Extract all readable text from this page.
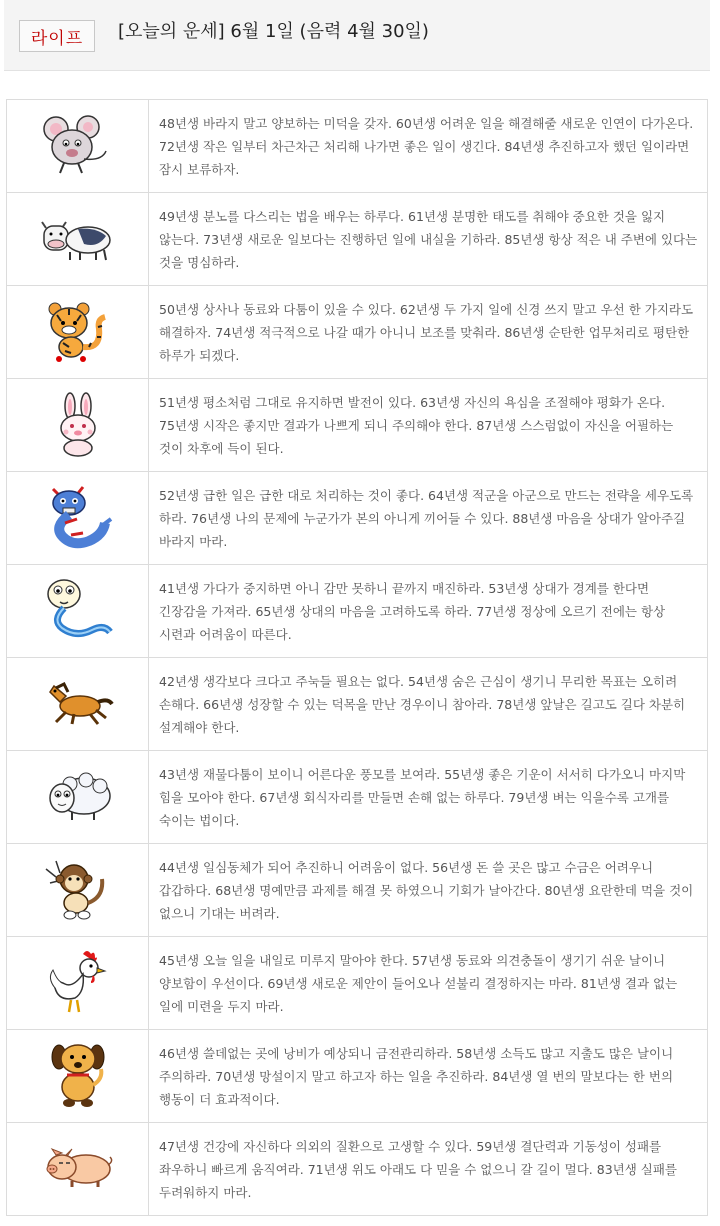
라이프	[오늘의 운세] 6월 1일 (음력 4월 30일)
	48년생 바라지 말고 양보하는 미덕을 갖자. 60년생 어려운 일을 해결해줄 새로운 인연이 다가온다. 72년생 작은 일부터 차근차근 처리해 나가면 좋은 일이 생긴다. 84년생 추진하고자 했던 일이라면 잠시 보류하자.
	49년생 분노를 다스리는 법을 배우는 하루다. 61년생 분명한 태도를 취해야 중요한 것을 잃지 않는다. 73년생 새로운 일보다는 진행하던 일에 내실을 기하라. 85년생 항상 적은 내 주변에 있다는 것을 명심하라.
	50년생 상사나 동료와 다툼이 있을 수 있다. 62년생 두 가지 일에 신경 쓰지 말고 우선 한 가지라도 해결하자. 74년생 적극적으로 나갈 때가 아니니 보조를 맞춰라. 86년생 순탄한 업무처리로 평탄한 하루가 되겠다.
	51년생 평소처럼 그대로 유지하면 발전이 있다. 63년생 자신의 욕심을 조절해야 평화가 온다. 75년생 시작은 좋지만 결과가 나쁘게 되니 주의해야 한다. 87년생 스스럼없이 자신을 어필하는 것이 차후에 득이 된다.
	52년생 급한 일은 급한 대로 처리하는 것이 좋다. 64년생 적군을 아군으로 만드는 전략을 세우도록 하라. 76년생 나의 문제에 누군가가 본의 아니게 끼어들 수 있다. 88년생 마음을 상대가 알아주길 바라지 마라.
	41년생 가다가 중지하면 아니 감만 못하니 끝까지 매진하라. 53년생 상대가 경계를 한다면 긴장감을 가져라. 65년생 상대의 마음을 고려하도록 하라. 77년생 정상에 오르기 전에는 항상 시련과 어려움이 따른다.
	42년생 생각보다 크다고 주눅들 필요는 없다. 54년생 숨은 근심이 생기니 무리한 목표는 오히려 손해다. 66년생 성장할 수 있는 덕목을 만난 경우이니 참아라. 78년생 앞날은 길고도 길다 차분히 설계해야 한다.
	43년생 재물다툼이 보이니 어른다운 풍모를 보여라. 55년생 좋은 기운이 서서히 다가오니 마지막 힘을 모아야 한다. 67년생 회식자리를 만들면 손해 없는 하루다. 79년생 벼는 익을수록 고개를 숙이는 법이다.
	44년생 일심동체가 되어 추진하니 어려움이 없다. 56년생 돈 쓸 곳은 많고 수금은 어려우니 갑갑하다. 68년생 명예만큼 과제를 해결 못 하였으니 기회가 날아간다. 80년생 요란한데 먹을 것이 없으니 기대는 버려라.
	45년생 오늘 일을 내일로 미루지 말아야 한다. 57년생 동료와 의견충돌이 생기기 쉬운 날이니 양보함이 우선이다. 69년생 새로운 제안이 들어오나 섣불리 결정하지는 마라. 81년생 결과 없는 일에 미련을 두지 마라.
	46년생 쓸데없는 곳에 낭비가 예상되니 금전관리하라. 58년생 소득도 많고 지출도 많은 날이니 주의하라. 70년생 망설이지 말고 하고자 하는 일을 추진하라. 84년생 열 번의 말보다는 한 번의 행동이 더 효과적이다.
	47년생 건강에 자신하다 의외의 질환으로 고생할 수 있다. 59년생 결단력과 기동성이 성패를 좌우하니 빠르게 움직여라. 71년생 위도 아래도 다 믿을 수 없으니 갈 길이 멀다. 83년생 실패를 두려워하지 마라.
